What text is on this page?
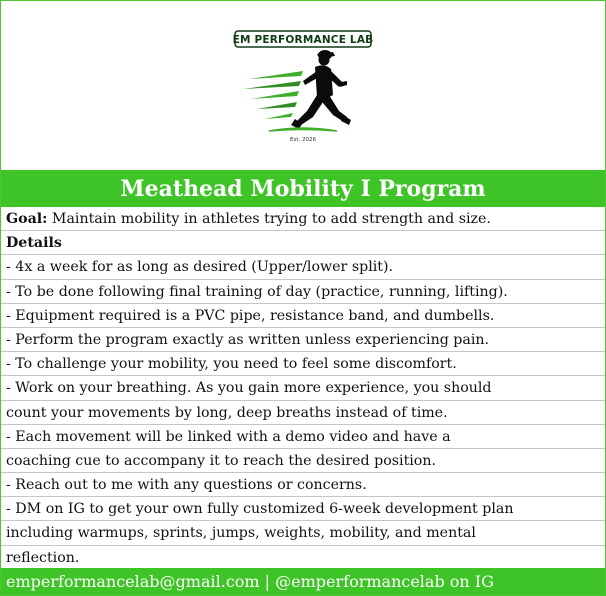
EM PERFORMANCE LAB
Est. 2026
Meathead Mobility I Program
Goal: Maintain mobility in athletes trying to add strength and size.
Details
- 4x a week for as long as desired (Upper/lower split).
- To be done following final training of day (practice, running, lifting).
- Equipment required is a PVC pipe, resistance band, and dumbells.
- Perform the program exactly as written unless experiencing pain.
- To challenge your mobility, you need to feel some discomfort.
- Work on your breathing. As you gain more experience, you should
count your movements by long, deep breaths instead of time.
- Each movement will be linked with a demo video and have a
coaching cue to accompany it to reach the desired position.
- Reach out to me with any questions or concerns.
- DM on IG to get your own fully customized 6-week development plan
including warmups, sprints, jumps, weights, mobility, and mental
reflection.
emperformancelab@gmail.com | @emperformancelab on IG
